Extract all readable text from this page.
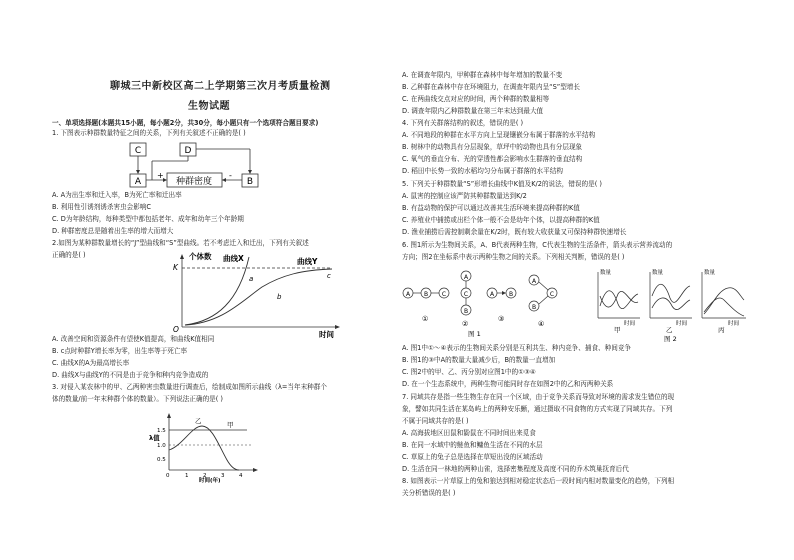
聊城三中新校区高二上学期第三次月考质量检测
生物试题
一、单项选择题(本题共15小题，每小题2分，共30分，每小题只有一个选项符合题目要求)
1. 下图表示种群数量特征之间的关系，下列有关叙述不正确的是( )
C	D
A	种群密度	B
+	-
A. A为出生率和迁入率，B为死亡率和迁出率
B. 利用性引诱剂诱杀害虫会影响C
C. D为年龄结构，每种类型中都包括老年、成年和幼年三个年龄期
D. 种群密度总是随着出生率的增大而增大
2.如图为某种群数量增长的“J”型曲线和“S”型曲线。若不考虑迁入和迁出，下列有关叙述
正确的是( )	个体数
K
O
曲线X	曲线Y
a
b
c
时间
A. 改善空间和资源条件有望使K值提高，和曲线K值相同
B. c点时种群Y增长率为零，出生率等于死亡率
C. 曲线X的A为最高增长率
D. 曲线X与曲线Y的不同是由于竞争和种内竞争造成的
3. 对侵入某农林中的甲、乙两种害虫数量进行调查后，绘制成如图所示曲线（λ=当年末种群个
体的数量/前一年末种群个体的数量）。下列说法正确的是( )
λ值
1.5
1.0
0.5
甲
乙
0	1	2	3	4
时间(年)
A. 在调查年限内，甲种群在森林中每年增加的数量不变
B. 乙种群在森林中存在环境阻力，在调查年限内呈“S”型增长
C. 在两曲线交点对应的时间，两个种群的数量相等
D. 调查年限内乙种群数量在第三年末达到最大值
4. 下列有关群落结构的叙述，错误的是( )
A. 不同地段的种群在水平方向上呈现镶嵌分布属于群落的水平结构
B. 树林中的动物具有分层现象，草坪中的动物也具有分层现象
C. 氧气的垂直分布、光的穿透性都会影响水生群落的垂直结构
D. 稻田中长势一致的水稻均匀分布属于群落的水平结构
5. 下列关于种群数量“S”形增长曲线中K值及K/2的说法，错误的是( )
A. 鼠害的控制应该严防其种群数量达到K/2
B. 有益动物的保护可以通过改善其生活环境来提高种群的K值
C. 养殖业中捕捞或出栏个体一般不会是幼年个体，以提高种群的K值
D. 渔业捕捞后需控制剩余量在K/2时，既有较大收获量又可保持种群快速增长
6. 图1所示为生物间关系，A、B代表两种生物，C代表生物的生活条件，箭头表示营养流动的
方向；图2在坐标系中表示两种生物之间的关系。下列相关判断，错误的是( )
A B C
①
A
C
B
②
A B
③
A
B
C
④
图 1
数量
时间
甲
数量
时间
乙
数量
时间
丙
图 2
A. 图1中①～④表示的生物间关系分别是互利共生、种内竞争、捕食、种间竞争
B. 图1的③中A的数量大量减少后，B的数量一直增加
C. 图2中的甲、乙、丙分别对应图1中的①③④
D. 在一个生态系统中，两种生物可能同时存在如图2中的乙和丙两种关系
7. 同域共存是指一些生物生存在同一个区域，由于竞争关系而导致对环境的需求发生错位的现
象，譬如共同生活在某岛屿上的两种安乐蜥，通过摄取不同食物的方式实现了同域共存。下列
不属于同域共存的是( )
A. 高海拔地区田鼠和鼢鼠在不同时间出来觅食
B. 在同一水域中的鲢鱼和鳙鱼生活在不同的水层
C. 草原上的兔子总是选择在草短出没的区域活动
D. 生活在同一林地的两种山雀，选择密集程度及高度不同的乔木筑巢抚育后代
8. 如图表示一片草原上的兔和狼达到相对稳定状态后一段时间内相对数量变化的趋势，下列相
关分析错误的是( )
